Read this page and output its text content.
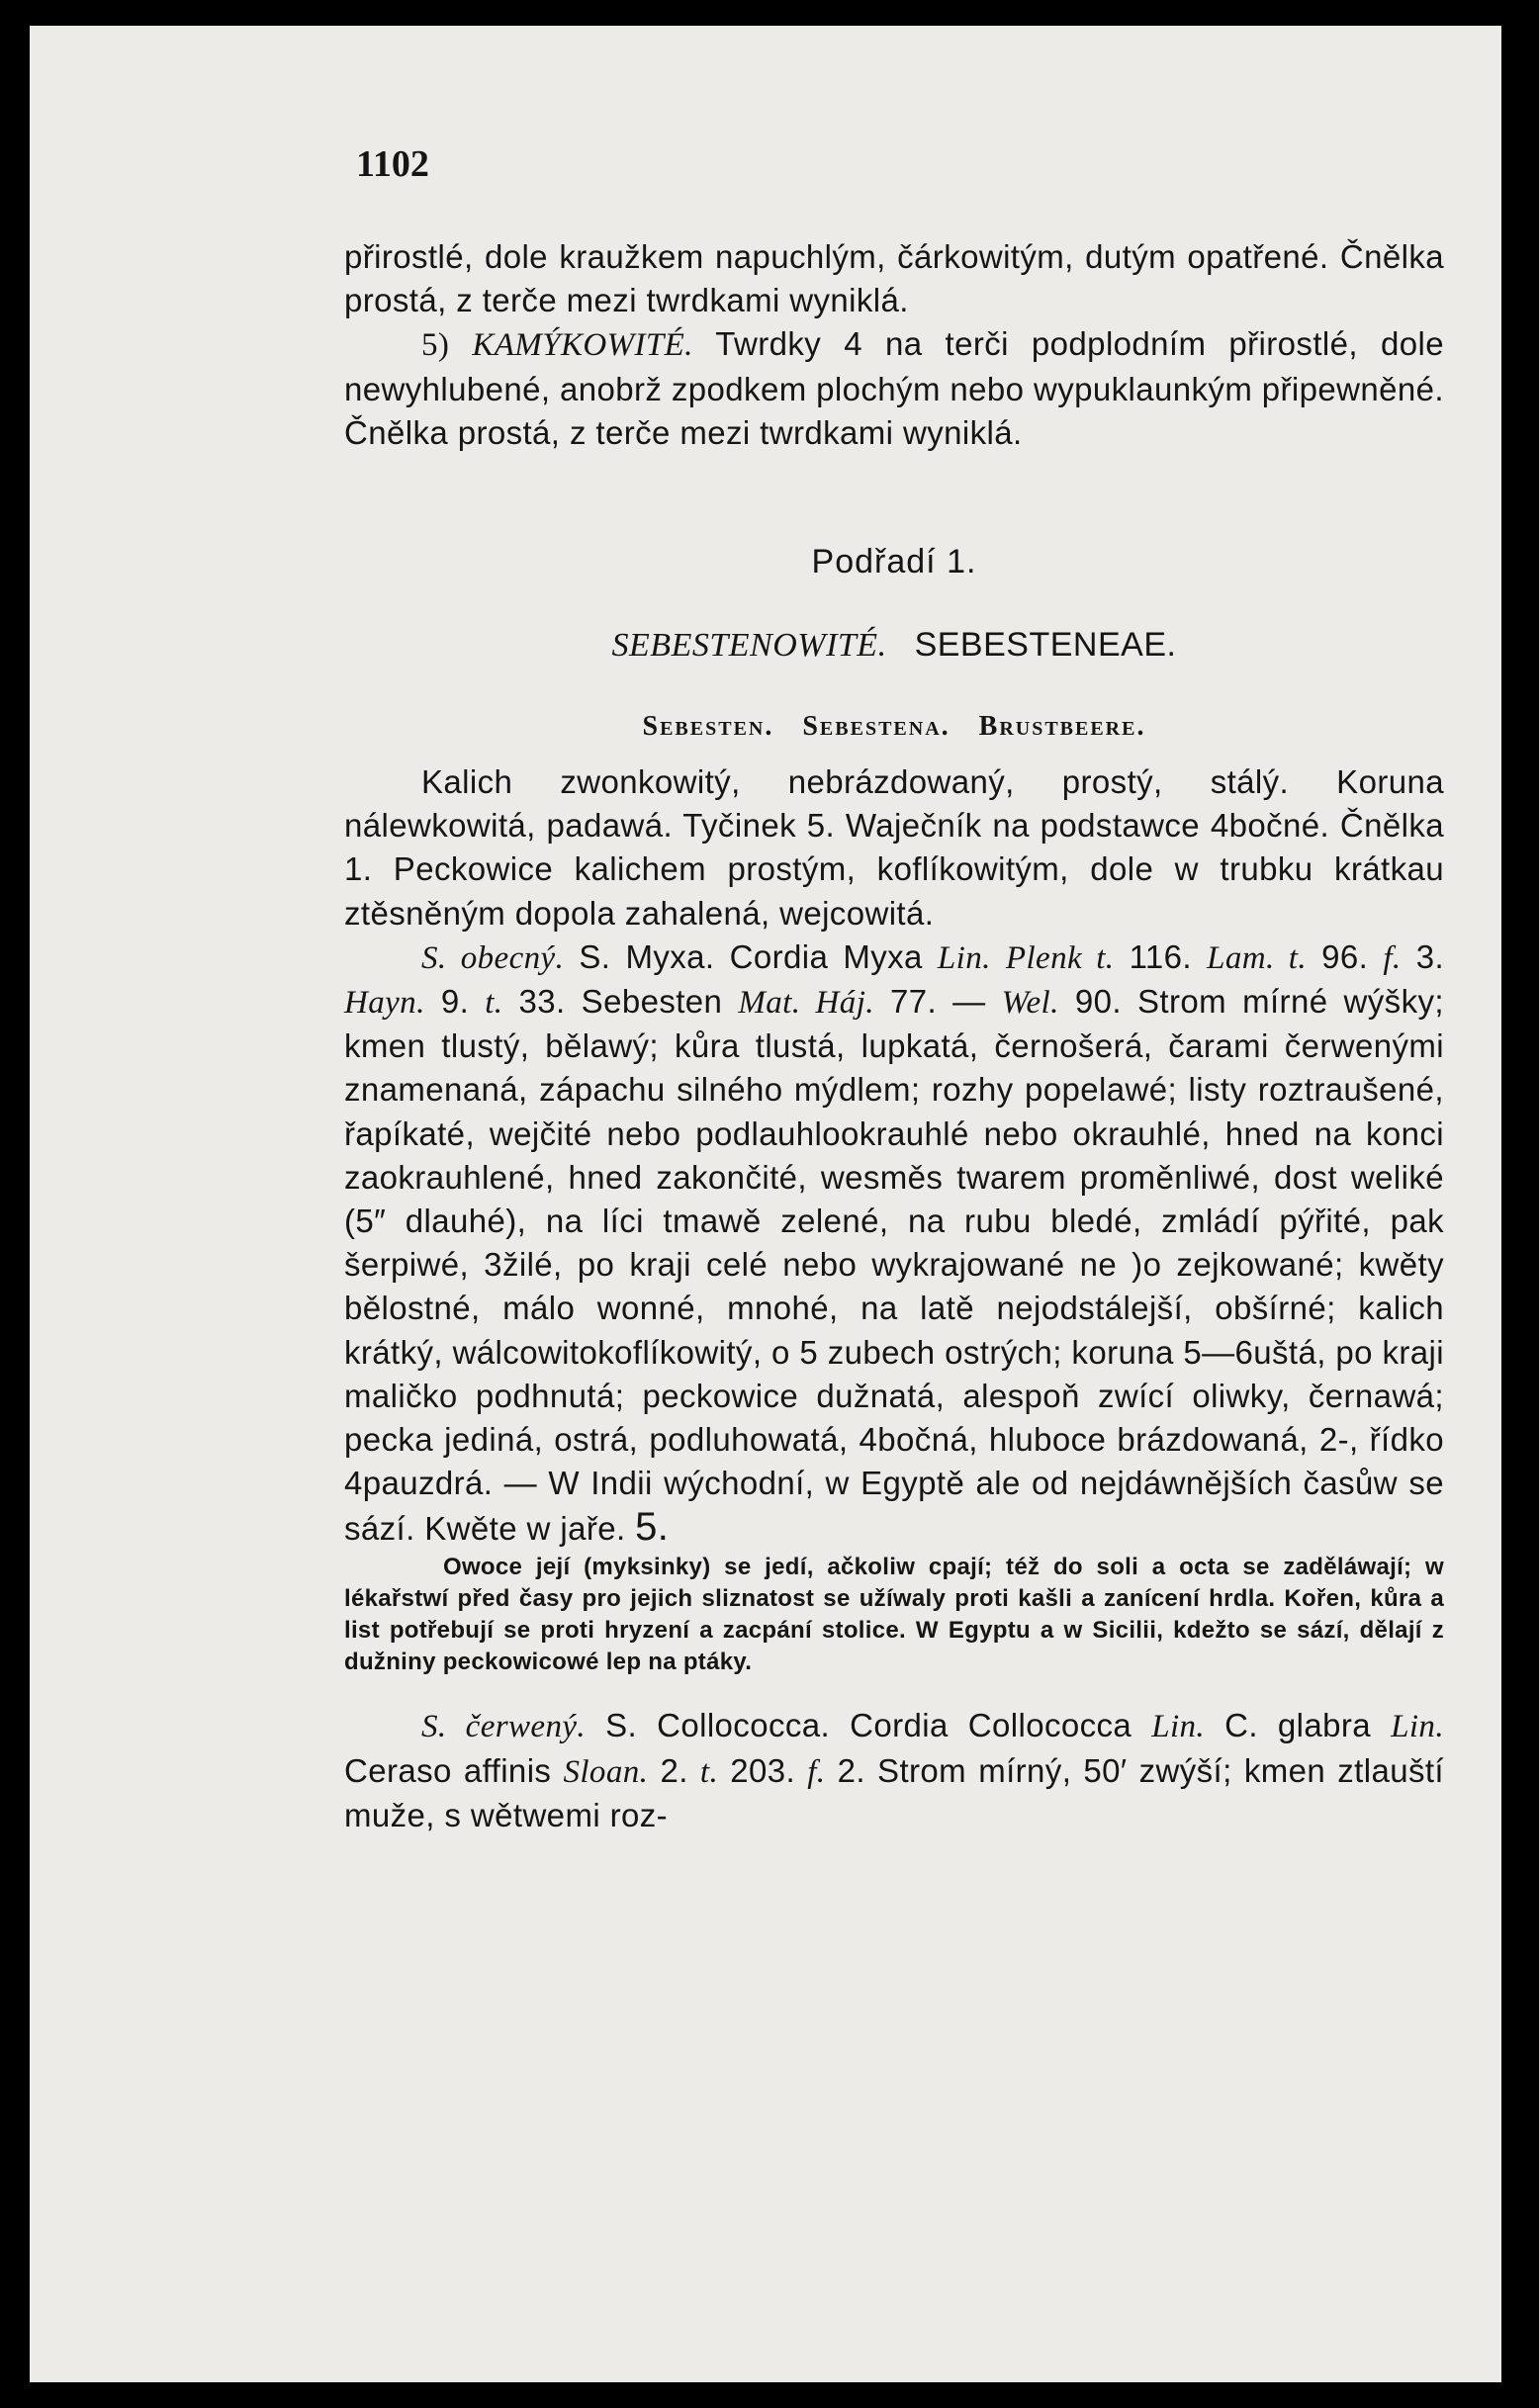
1102

přirostlé, dole kraužkem napuchlým, čárkowitým, dutým opatřené. Čnělka prostá, z terče mezi twrdkami wyniklá.

5) KAMÝKOWITÉ. Twrdky 4 na terči podplodním přirostlé, dole newyhlubené, anobrž zpodkem plochým nebo wypuklaunkým připewněné. Čnělka prostá, z terče mezi twrdkami wyniklá.

Podřadí 1.
SEBESTENOWITÉ. SEBESTENEAE.
Sebesten. Sebestena. Brustbeere.

Kalich zwonkowitý, nebrázdowaný, prostý, stálý. Koruna nálewkowitá, padawá. Tyčinek 5. Waječník na podstawce 4bočné. Čnělka 1. Peckowice kalichem prostým, koflíkowitým, dole w trubku krátkau ztěsněným dopola zahalená, wejcowitá.

S. obecný. S. Myxa. Cordia Myxa Lin. Plenk t. 116. Lam. t. 96. f. 3. Hayn. 9. t. 33. Sebesten Mat. Háj. 77. — Wel. 90. Strom mírné wýšky; kmen tlustý, bělawý; kůra tlustá, lupkatá, černošerá, čarami čerwenými znamenaná, zápachu silného mýdlem; rozhy popelawé; listy roztraušené, řapíkaté, wejčité nebo podlauhlookrauhlé nebo okrauhlé, hned na konci zaokrauhlené, hned zakončité, wesměs twarem proměnliwé, dost weliké (5″ dlauhé), na líci tmawě zelené, na rubu bledé, zmládí pýřité, pak šerpiwé, 3žilé, po kraji celé nebo wykrajowané ne )o zejkowané; kwěty bělostné, málo wonné, mnohé, na latě nejodstálejší, obšírné; kalich krátký, wálcowitokoflíkowitý, o 5 zubech ostrých; koruna 5—6uštá, po kraji maličko podhnutá; peckowice dužnatá, alespoň zwící oliwky, černawá; pecka jediná, ostrá, podluhowatá, 4bočná, hluboce brázdowaná, 2-, řídko 4pauzdrá. — W Indii wýchodní, w Egyptě ale od nejdáwnějších časůw se sází. Kwěte w jaře. 5.

Owoce její (myksinky) se jedí, ačkoliw cpají; též do soli a octa se zaděláwají; w lékařstwí před časy pro jejich sliznatost se užíwaly proti kašli a zanícení hrdla. Kořen, kůra a list potřebují se proti hryzení a zacpání stolice. W Egyptu a w Sicilii, kdežto se sází, dělají z dužniny peckowicowé lep na ptáky.

S. čerwený. S. Collococca. Cordia Collococca Lin. C. glabra Lin. Ceraso affinis Sloan. 2. t. 203. f. 2. Strom mírný, 50′ zwýší; kmen ztlauští muže, s wětwemi roz-
